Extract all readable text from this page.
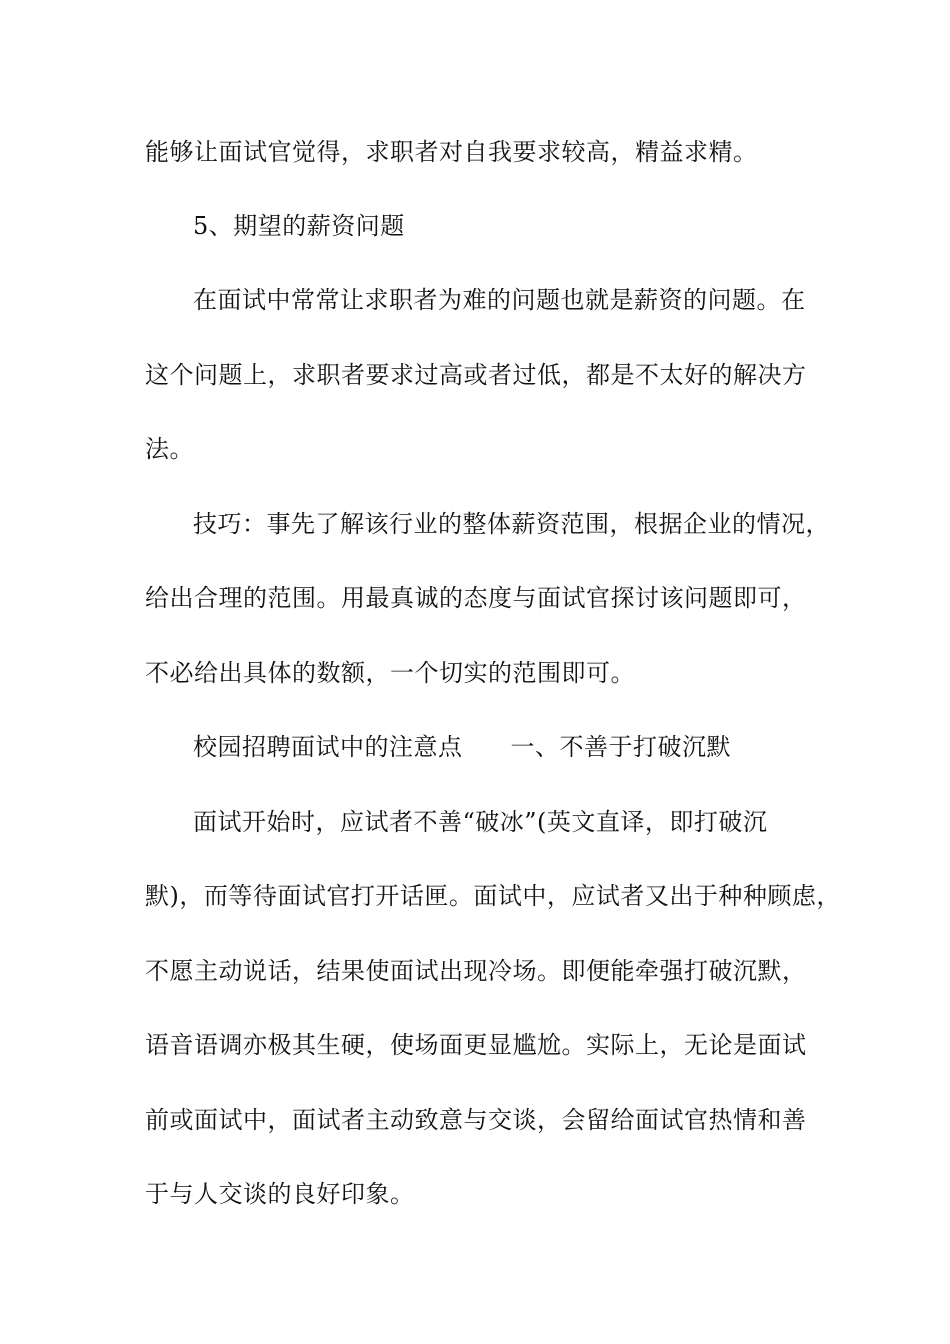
能够让面试官觉得，求职者对自我要求较高，精益求精。
5、期望的薪资问题
在面试中常常让求职者为难的问题也就是薪资的问题。在
这个问题上，求职者要求过高或者过低，都是不太好的解决方
法。
技巧：事先了解该行业的整体薪资范围，根据企业的情况，
给出合理的范围。用最真诚的态度与面试官探讨该问题即可，
不必给出具体的数额，一个切实的范围即可。
校园招聘面试中的注意点 一、不善于打破沉默
面试开始时，应试者不善“破冰”(英文直译，即打破沉
默)，而等待面试官打开话匣。面试中，应试者又出于种种顾虑，
不愿主动说话，结果使面试出现冷场。即便能牵强打破沉默，
语音语调亦极其生硬，使场面更显尴尬。实际上，无论是面试
前或面试中，面试者主动致意与交谈，会留给面试官热情和善
于与人交谈的良好印象。
